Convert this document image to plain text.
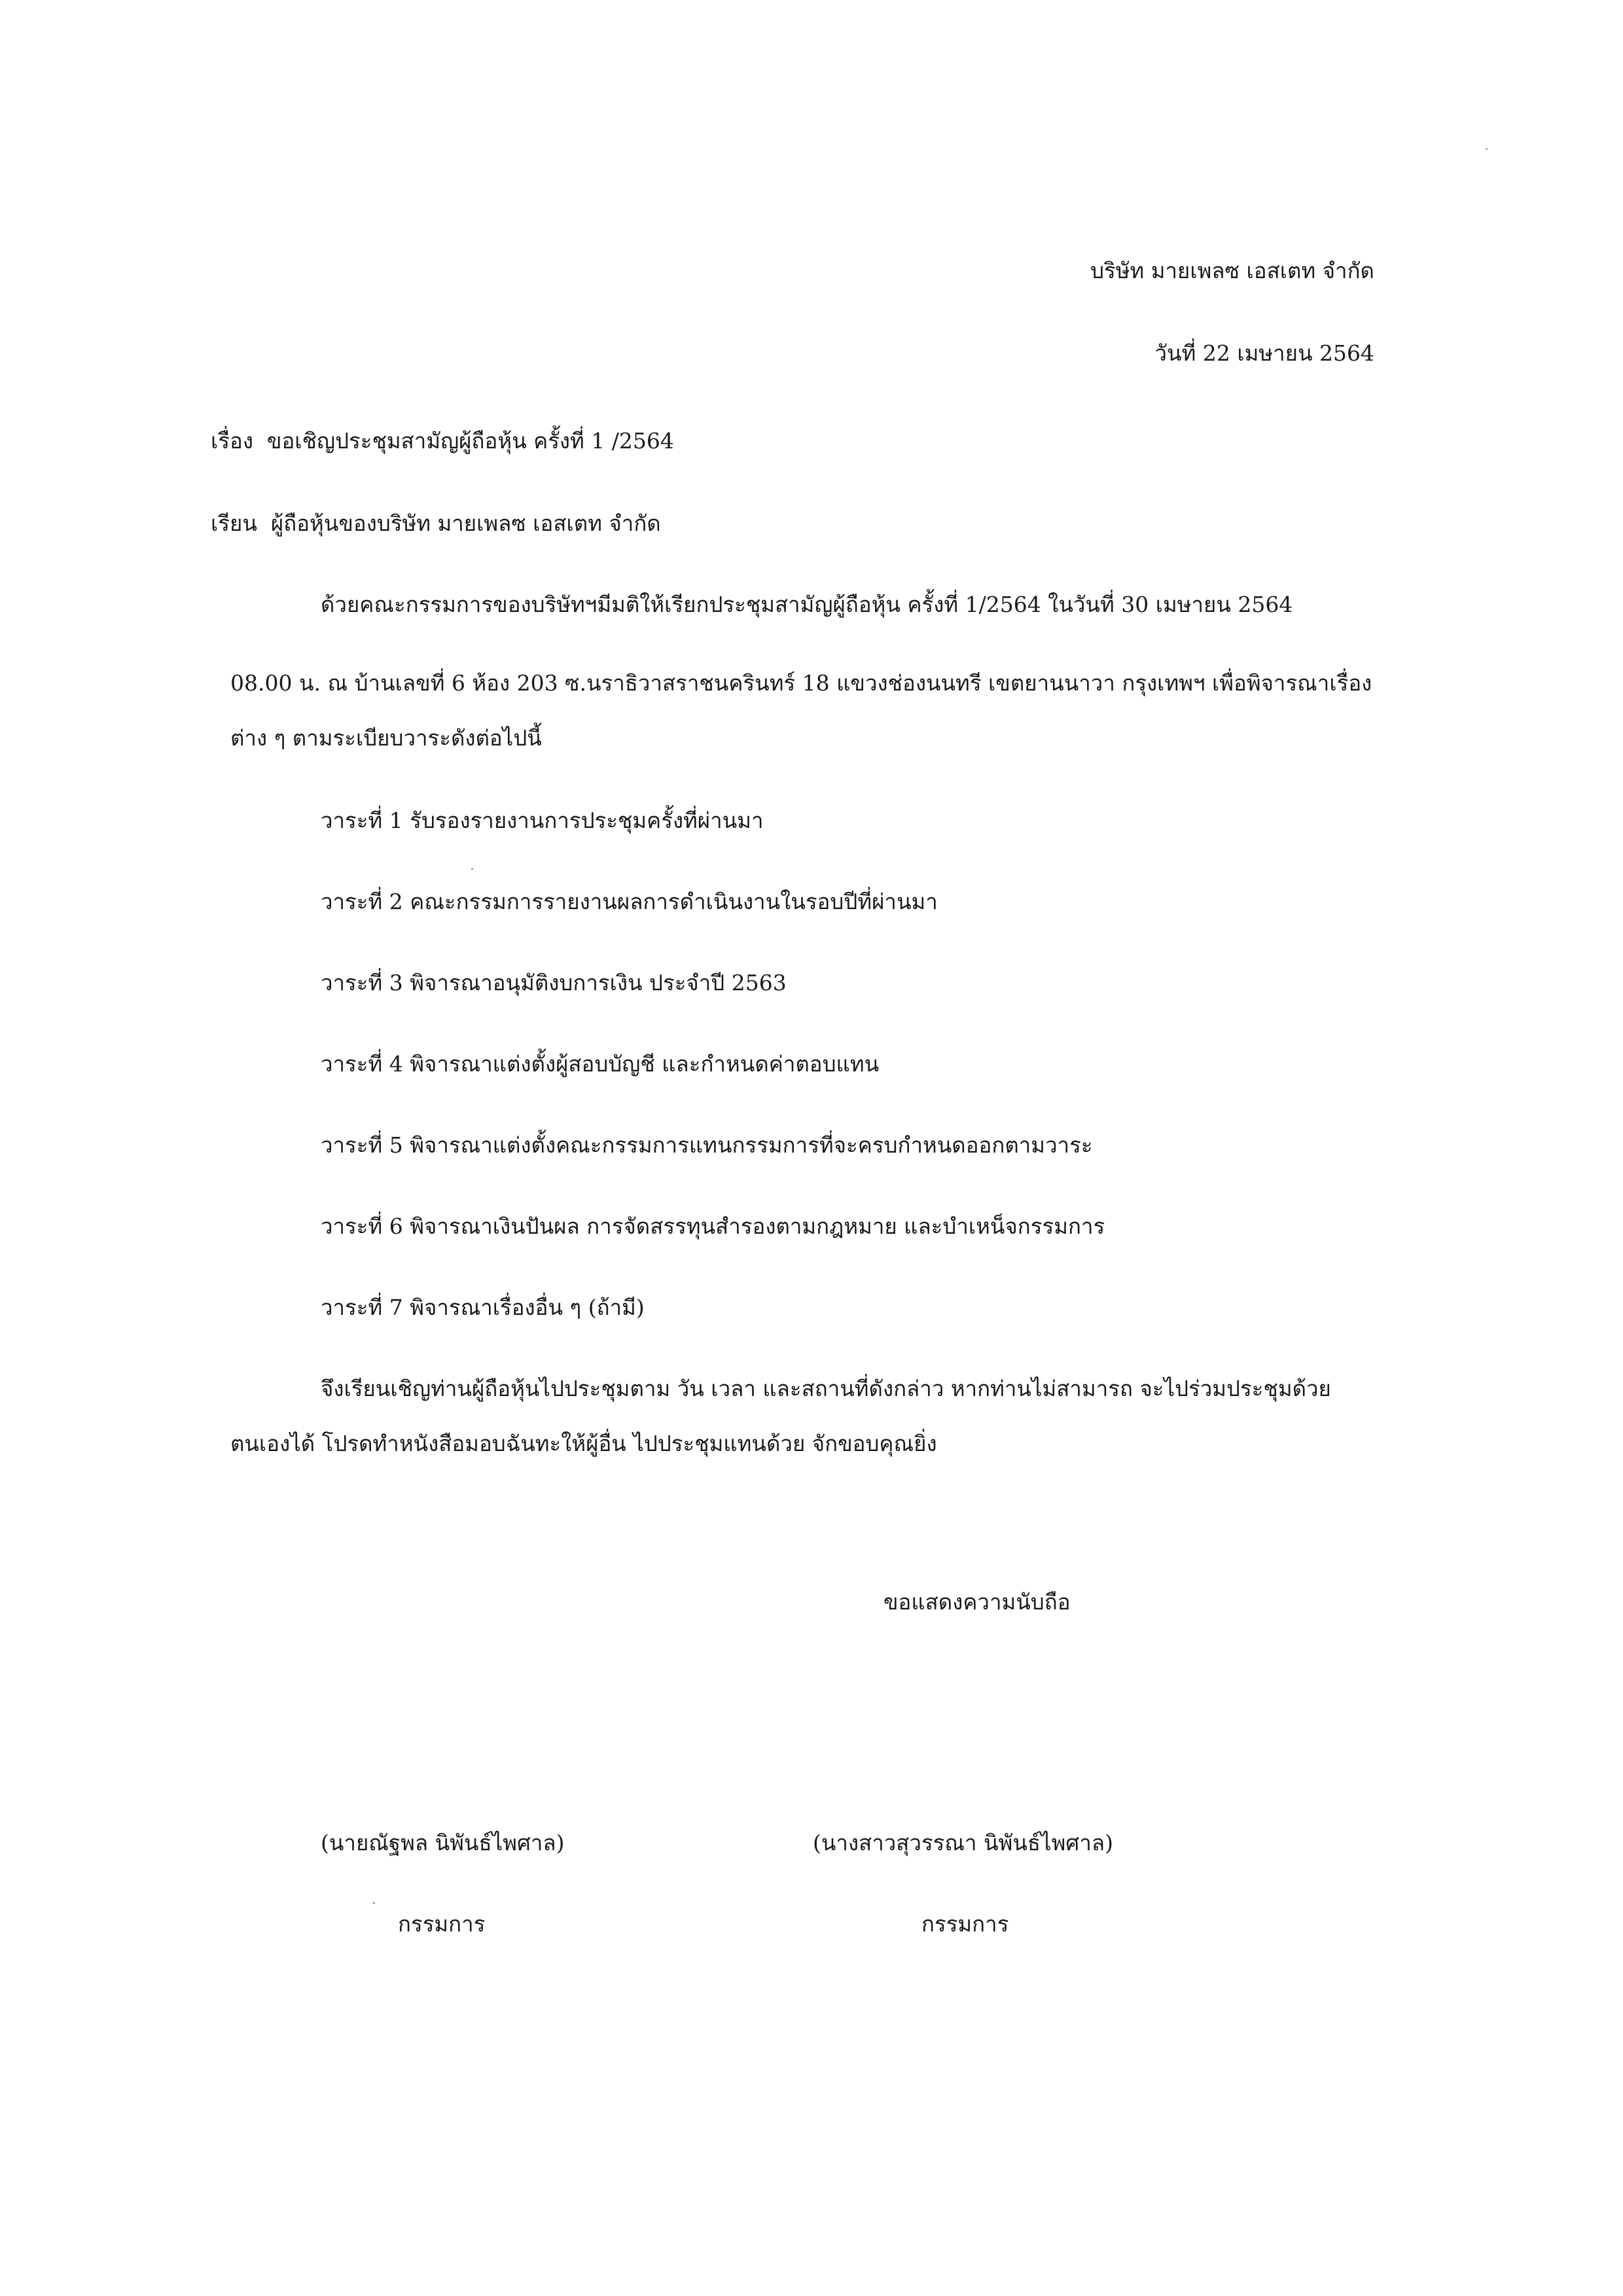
บริษัท มายเพลซ เอสเตท จำกัด
วันที่ 22 เมษายน 2564
เรื่อง ขอเชิญประชุมสามัญผู้ถือหุ้น ครั้งที่ 1 /2564
เรียน ผู้ถือหุ้นของบริษัท มายเพลซ เอสเตท จำกัด
ด้วยคณะกรรมการของบริษัทฯมีมติให้เรียกประชุมสามัญผู้ถือหุ้น ครั้งที่ 1/2564 ในวันที่ 30 เมษายน 2564
08.00 น. ณ บ้านเลขที่ 6 ห้อง 203 ซ.นราธิวาสราชนครินทร์ 18 แขวงช่องนนทรี เขตยานนาวา กรุงเทพฯ เพื่อพิจารณาเรื่อง
ต่าง ๆ ตามระเบียบวาระดังต่อไปนี้
วาระที่ 1 รับรองรายงานการประชุมครั้งที่ผ่านมา
วาระที่ 2 คณะกรรมการรายงานผลการดำเนินงานในรอบปีที่ผ่านมา
วาระที่ 3 พิจารณาอนุมัติงบการเงิน ประจำปี 2563
วาระที่ 4 พิจารณาแต่งตั้งผู้สอบบัญชี และกำหนดค่าตอบแทน
วาระที่ 5 พิจารณาแต่งตั้งคณะกรรมการแทนกรรมการที่จะครบกำหนดออกตามวาระ
วาระที่ 6 พิจารณาเงินปันผล การจัดสรรทุนสำรองตามกฎหมาย และบำเหน็จกรรมการ
วาระที่ 7 พิจารณาเรื่องอื่น ๆ (ถ้ามี)
จึงเรียนเชิญท่านผู้ถือหุ้นไปประชุมตาม วัน เวลา และสถานที่ดังกล่าว หากท่านไม่สามารถ จะไปร่วมประชุมด้วย
ตนเองได้ โปรดทำหนังสือมอบฉันทะให้ผู้อื่น ไปประชุมแทนด้วย จักขอบคุณยิ่ง
ขอแสดงความนับถือ
(นายณัฐพล นิพันธ์ไพศาล)
กรรมการ
(นางสาวสุวรรณา นิพันธ์ไพศาล)
กรรมการ
